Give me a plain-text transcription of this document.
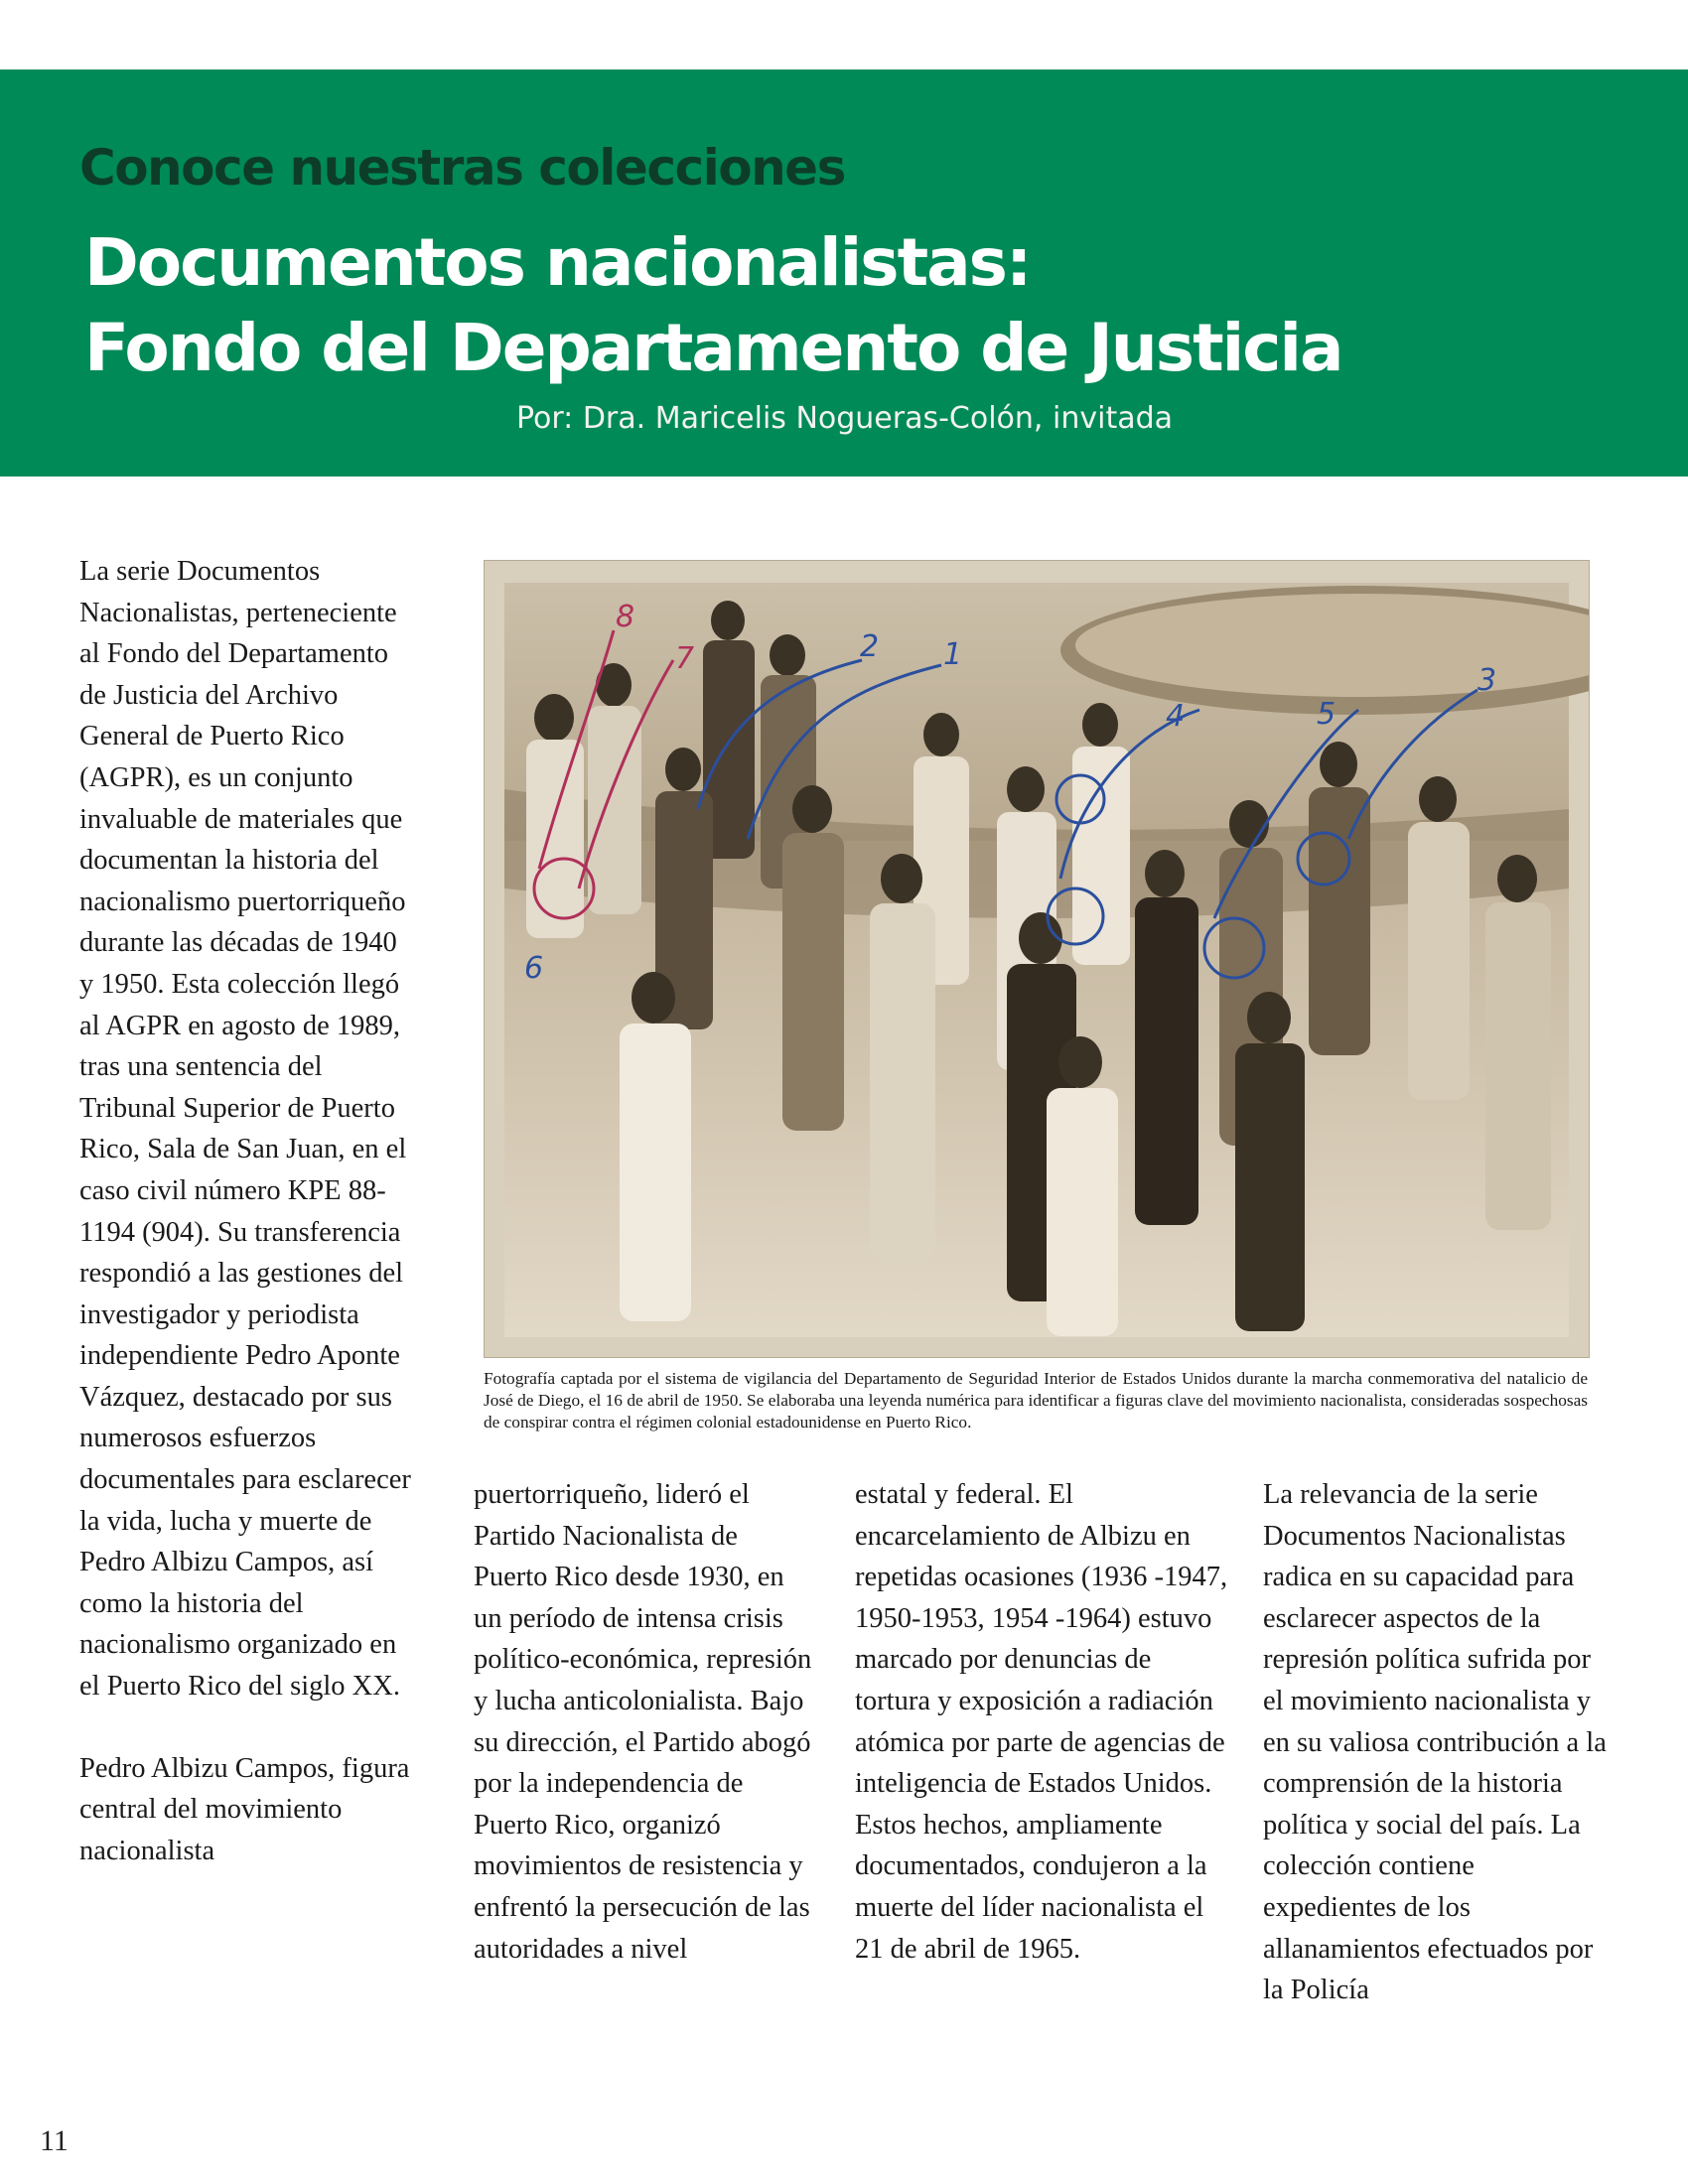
Conoce nuestras colecciones
Documentos nacionalistas:
Fondo del Departamento de Justicia
Por: Dra. Maricelis Nogueras-Colón, invitada

La serie Documentos Nacionalistas, perteneciente al Fondo del Departamento de Justicia del Archivo General de Puerto Rico (AGPR), es un conjunto invaluable de materiales que documentan la historia del nacionalismo puertorriqueño durante las décadas de 1940 y 1950. Esta colección llegó al AGPR en agosto de 1989, tras una sentencia del Tribunal Superior de Puerto Rico, Sala de San Juan, en el caso civil número KPE 88-1194 (904). Su transferencia respondió a las gestiones del investigador y periodista independiente Pedro Aponte Vázquez, destacado por sus numerosos esfuerzos documentales para esclarecer la vida, lucha y muerte de Pedro Albizu Campos, así como la historia del nacionalismo organizado en el Puerto Rico del siglo XX.

Pedro Albizu Campos, figura central del movimiento nacionalista

8
7	2 1
4	5
3
6
Fotografía captada por el sistema de vigilancia del Departamento de Seguridad Interior de Estados Unidos durante la marcha conmemorativa del natalicio de José de Diego, el 16 de abril de 1950. Se elaboraba una leyenda numérica para identificar a figuras clave del movimiento nacionalista, consideradas sospechosas de conspirar contra el régimen colonial estadounidense en Puerto Rico.

puertorriqueño, lideró el Partido Nacionalista de Puerto Rico desde 1930, en un período de intensa crisis político-económica, represión y lucha anticolonialista. Bajo su dirección, el Partido abogó por la independencia de Puerto Rico, organizó movimientos de resistencia y enfrentó la persecución de las autoridades a nivel

estatal y federal. El encarcelamiento de Albizu en repetidas ocasiones (1936 -1947, 1950-1953, 1954 -1964) estuvo marcado por denuncias de tortura y exposición a radiación atómica por parte de agencias de inteligencia de Estados Unidos. Estos hechos, ampliamente documentados, condujeron a la muerte del líder nacionalista el 21 de abril de 1965.

La relevancia de la serie Documentos Nacionalistas radica en su capacidad para esclarecer aspectos de la represión política sufrida por el movimiento nacionalista y en su valiosa contribución a la comprensión de la historia política y social del país. La colección contiene expedientes de los allanamientos efectuados por la Policía

11
